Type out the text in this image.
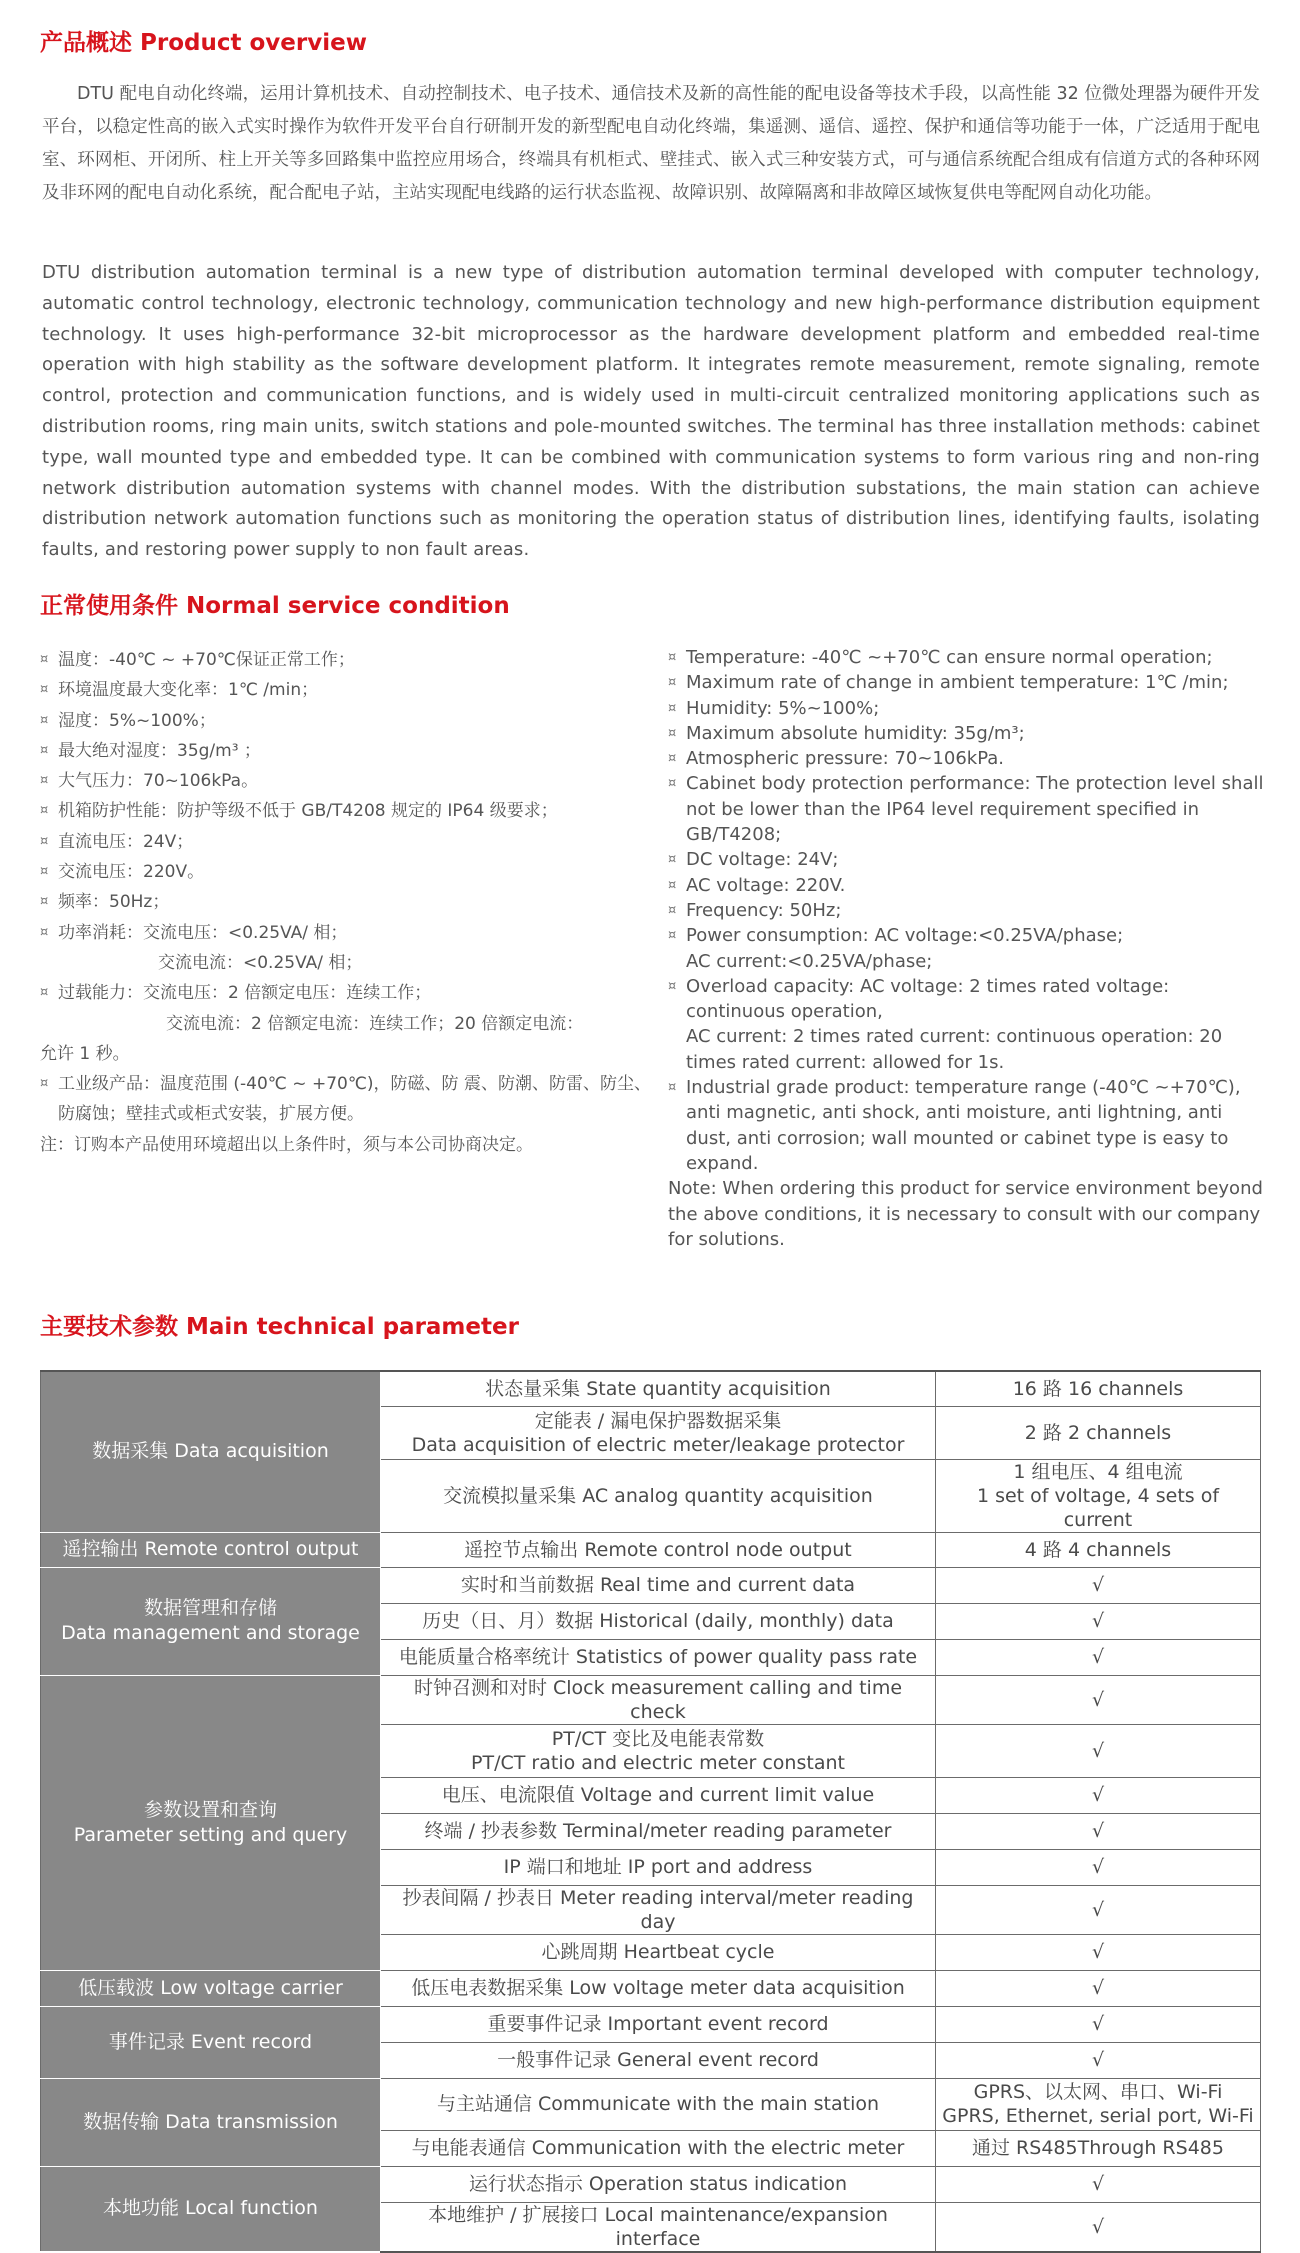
产品概述 Product overview

DTU 配电自动化终端，运用计算机技术、自动控制技术、电子技术、通信技术及新的高性能的配电设备等技术手段，以高性能 32 位微处理器为硬件开发平台，以稳定性高的嵌入式实时操作为软件开发平台自行研制开发的新型配电自动化终端，集遥测、遥信、遥控、保护和通信等功能于一体，广泛适用于配电室、环网柜、开闭所、柱上开关等多回路集中监控应用场合，终端具有机柜式、壁挂式、嵌入式三种安装方式，可与通信系统配合组成有信道方式的各种环网及非环网的配电自动化系统，配合配电子站，主站实现配电线路的运行状态监视、故障识别、故障隔离和非故障区域恢复供电等配网自动化功能。

DTU distribution automation terminal is a new type of distribution automation terminal developed with computer technology, automatic control technology, electronic technology, communication technology and new high-performance distribution equipment technology. It uses high-performance 32-bit microprocessor as the hardware development platform and embedded real-time operation with high stability as the software development platform. It integrates remote measurement, remote signaling, remote control, protection and communication functions, and is widely used in multi-circuit centralized monitoring applications such as distribution rooms, ring main units, switch stations and pole-mounted switches. The terminal has three installation methods: cabinet type, wall mounted type and embedded type. It can be combined with communication systems to form various ring and non-ring network distribution automation systems with channel modes. With the distribution substations, the main station can achieve distribution network automation functions such as monitoring the operation status of distribution lines, identifying faults, isolating faults, and restoring power supply to non fault areas.

正常使用条件 Normal service condition
¤ 温度：-40℃ ~ +70℃保证正常工作；
¤ 环境温度最大变化率：1℃ /min；
¤ 湿度：5%~100%；
¤ 最大绝对湿度：35g/m³ ；
¤ 大气压力：70~106kPa。
¤ 机箱防护性能：防护等级不低于 GB/T4208 规定的 IP64 级要求；
¤ 直流电压：24V；
¤ 交流电压：220V。
¤ 频率：50Hz；
¤ 功率消耗：交流电压：<0.25VA/ 相；
交流电流：<0.25VA/ 相；
¤ 过载能力：交流电压：2 倍额定电压：连续工作；
交流电流：2 倍额定电流：连续工作；20 倍额定电流：
允许 1 秒。
¤ 工业级产品：温度范围 (-40℃ ~ +70℃)，防磁、防 震、防潮、防雷、防尘、防腐蚀；壁挂式或柜式安装，扩展方便。
注：订购本产品使用环境超出以上条件时，须与本公司协商决定。
¤ Temperature: -40℃ ~+70℃ can ensure normal operation;
¤ Maximum rate of change in ambient temperature: 1℃ /min;
¤ Humidity: 5%~100%;
¤ Maximum absolute humidity: 35g/m³;
¤ Atmospheric pressure: 70~106kPa.
¤ Cabinet body protection performance: The protection level shall not be lower than the IP64 level requirement specified in GB/T4208;
¤ DC voltage: 24V;
¤ AC voltage: 220V.
¤ Frequency: 50Hz;
¤ Power consumption: AC voltage:<0.25VA/phase;
AC current:<0.25VA/phase;
¤ Overload capacity: AC voltage: 2 times rated voltage: continuous operation,
AC current: 2 times rated current: continuous operation: 20 times rated current: allowed for 1s.
¤ Industrial grade product: temperature range (-40℃ ~+70℃), anti magnetic, anti shock, anti moisture, anti lightning, anti dust, anti corrosion; wall mounted or cabinet type is easy to expand.
Note: When ordering this product for service environment beyond the above conditions, it is necessary to consult with our company for solutions.
主要技术参数 Main technical parameter
数据采集 Data acquisition	状态量采集 State quantity acquisition	16 路 16 channels

	定能表 / 漏电保护器数据采集
Data acquisition of electric meter/leakage protector	2 路 2 channels
	交流模拟量采集 AC analog quantity acquisition	1 组电压、4 组电流
1 set of voltage, 4 sets of current

遥控输出 Remote control output	遥控节点输出 Remote control node output	4 路 4 channels

数据管理和存储
Data management and storage	实时和当前数据 Real time and current data	√
	历史（日、月）数据 Historical (daily, monthly) data	√
	电能质量合格率统计 Statistics of power quality pass rate	√

参数设置和查询
Parameter setting and query	时钟召测和对时 Clock measurement calling and time check	√

	PT/CT 变比及电能表常数
PT/CT ratio and electric meter constant	√
	电压、电流限值 Voltage and current limit value	√
	终端 / 抄表参数 Terminal/meter reading parameter	√
	IP 端口和地址 IP port and address	√
	抄表间隔 / 抄表日 Meter reading interval/meter reading day	√
	心跳周期 Heartbeat cycle	√
低压载波 Low voltage carrier	低压电表数据采集 Low voltage meter data acquisition	√
事件记录 Event record	重要事件记录 Important event record	√
	一般事件记录 General event record	√
数据传输 Data transmission	与主站通信 Communicate with the main station	GPRS、以太网、串口、Wi-Fi
GPRS, Ethernet, serial port, Wi-Fi

	与电能表通信 Communication with the electric meter	通过 RS485Through RS485
本地功能 Local function	运行状态指示 Operation status indication	√
	本地维护 / 扩展接口 Local maintenance/expansion interface	√
